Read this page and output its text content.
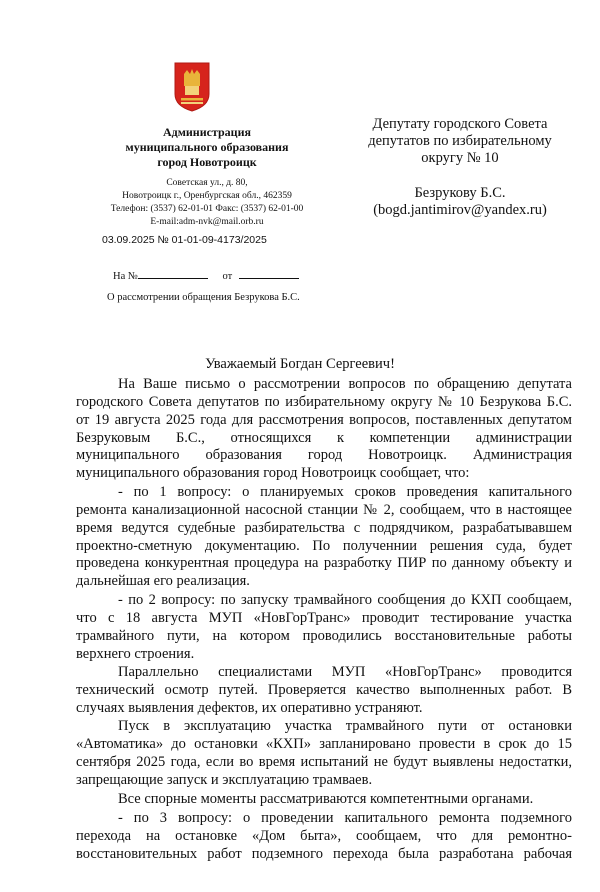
Администрация
муниципального образования
город Новотроицк
Советская ул., д. 80,
Новотроицк г., Оренбургская обл., 462359
Телефон: (3537) 62-01-01 Факс: (3537) 62-01-00
E-mail:adm-nvk@mail.orb.ru
03.09.2025 № 01-01-09-4173/2025
На №	от
О рассмотрении обращения Безрукова Б.С.
Депутату городского Совета
депутатов по избирательному
округу № 10
Безрукову Б.С.
(bogd.jantimirov@yandex.ru)
Уважаемый Богдан Сергеевич!
На Ваше письмо о рассмотрении вопросов по обращению депутата
городского Совета депутатов по избирательному округу № 10 Безрукова Б.С.
от 19 августа 2025 года для рассмотрения вопросов, поставленных депутатом
Безруковым Б.С., относящихся к компетенции администрации
муниципального образования город Новотроицк. Администрация
муниципального образования город Новотроицк сообщает, что:
- по 1 вопросу: о планируемых сроков проведения капитального
ремонта канализационной насосной станции № 2, сообщаем, что в настоящее
время ведутся судебные разбирательства с подрядчиком, разрабатывавшем
проектно-сметную документацию. По полученнии решения суда, будет
проведена конкурентная процедура на разработку ПИР по данному объекту и
дальнейшая его реализация.
- по 2 вопросу: по запуску трамвайного сообщения до КХП сообщаем,
что с 18 августа МУП «НовГорТранс» проводит тестирование участка
трамвайного пути, на котором проводились восстановительные работы
верхнего строения.
Параллельно специалистами МУП «НовГорТранс» проводится
технический осмотр путей. Проверяется качество выполненных работ. В
случаях выявления дефектов, их оперативно устраняют.
Пуск в эксплуатацию участка трамвайного пути от остановки
«Автоматика» до остановки «КХП» запланировано провести в срок до 15
сентября 2025 года, если во время испытаний не будут выявлены недостатки,
запрещающие запуск и эксплуатацию трамваев.
Все спорные моменты рассматриваются компетентными органами.
- по 3 вопросу: о проведении капитального ремонта подземного
перехода на остановке «Дом быта», сообщаем, что для ремонтно-
восстановительных работ подземного перехода была разработана рабочая
